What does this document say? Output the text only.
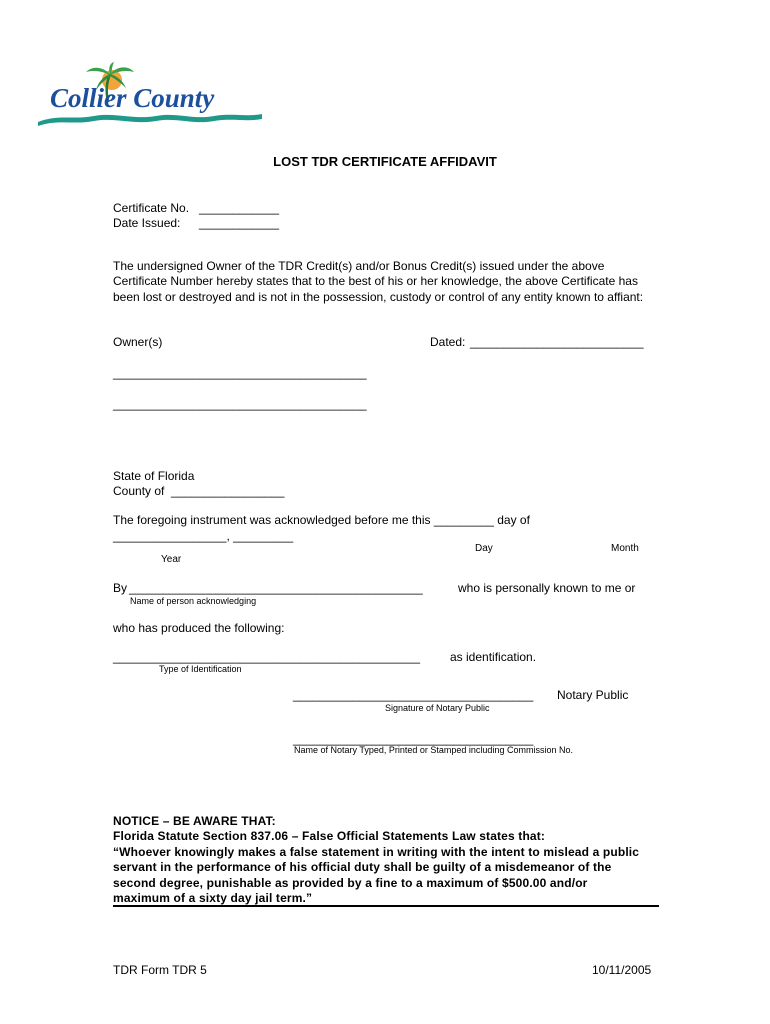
Collier County
LOST TDR CERTIFICATE AFFIDAVIT
Certificate No. ____________
Date Issued: ____________
The undersigned Owner of the TDR Credit(s) and/or Bonus Credit(s) issued under the above Certificate Number hereby states that to the best of his or her knowledge, the above Certificate has been lost or destroyed and is not in the possession, custody or control of any entity known to affiant:
Owner(s)	Dated: __________________________
______________________________________
______________________________________
State of Florida
County of _________________
The foregoing instrument was acknowledged before me this _________ day of
_________________, _________
Day	Month
Year
By ____________________________________________	who is personally known to me or
Name of person acknowledging
who has produced the following:
______________________________________________	as identification.
Type of Identification
____________________________________ Notary Public
Signature of Notary Public
____________________________________
Name of Notary Typed, Printed or Stamped including Commission No.
NOTICE – BE AWARE THAT:
Florida Statute Section 837.06 – False Official Statements Law states that:
“Whoever knowingly makes a false statement in writing with the intent to mislead a public
servant in the performance of his official duty shall be guilty of a misdemeanor of the
second degree, punishable as provided by a fine to a maximum of $500.00 and/or
maximum of a sixty day jail term.”
TDR Form TDR 5	10/11/2005
